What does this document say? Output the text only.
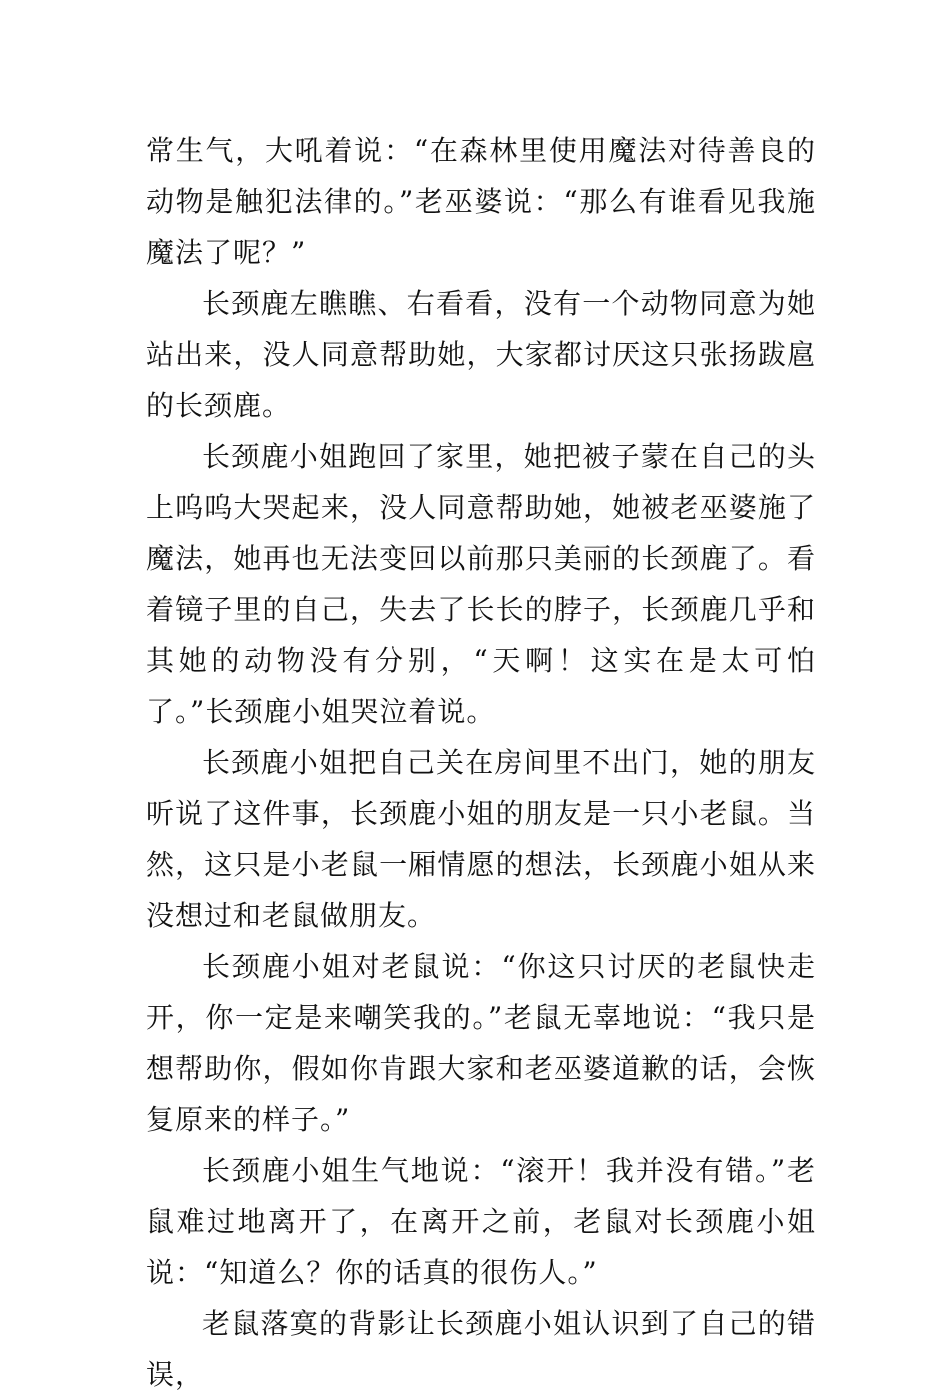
常生气，大吼着说：“在森林里使用魔法对待善良的动物是触犯法律的。”老巫婆说：“那么有谁看见我施魔法了呢？”

长颈鹿左瞧瞧、右看看，没有一个动物同意为她站出来，没人同意帮助她，大家都讨厌这只张扬跋扈的长颈鹿。

长颈鹿小姐跑回了家里，她把被子蒙在自己的头上呜呜大哭起来，没人同意帮助她，她被老巫婆施了魔法，她再也无法变回以前那只美丽的长颈鹿了。看着镜子里的自己，失去了长长的脖子，长颈鹿几乎和其她的动物没有分别，“天啊！这实在是太可怕了。”长颈鹿小姐哭泣着说。

长颈鹿小姐把自己关在房间里不出门，她的朋友听说了这件事，长颈鹿小姐的朋友是一只小老鼠。当然，这只是小老鼠一厢情愿的想法，长颈鹿小姐从来没想过和老鼠做朋友。

长颈鹿小姐对老鼠说：“你这只讨厌的老鼠快走开，你一定是来嘲笑我的。”老鼠无辜地说：“我只是想帮助你，假如你肯跟大家和老巫婆道歉的话，会恢复原来的样子。”

长颈鹿小姐生气地说：“滚开！我并没有错。”老鼠难过地离开了，在离开之前，老鼠对长颈鹿小姐说：“知道么？你的话真的很伤人。”

老鼠落寞的背影让长颈鹿小姐认识到了自己的错误，
